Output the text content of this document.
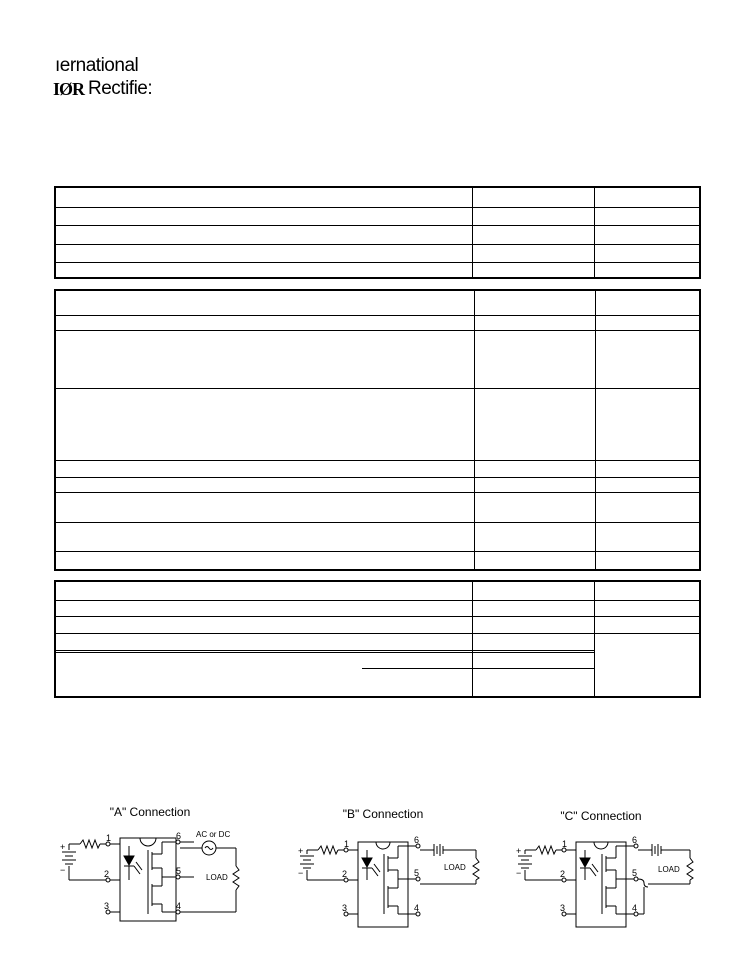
ıernational
IØR Rectifie:
"A" Connection	"B" Connection	"C" Connection
+
−
1
2
3
6
5
4
AC or DC
LOAD
+
−
1
2
3
6
5
4
LOAD
+
−
1
2
3
6
5
4
LOAD
